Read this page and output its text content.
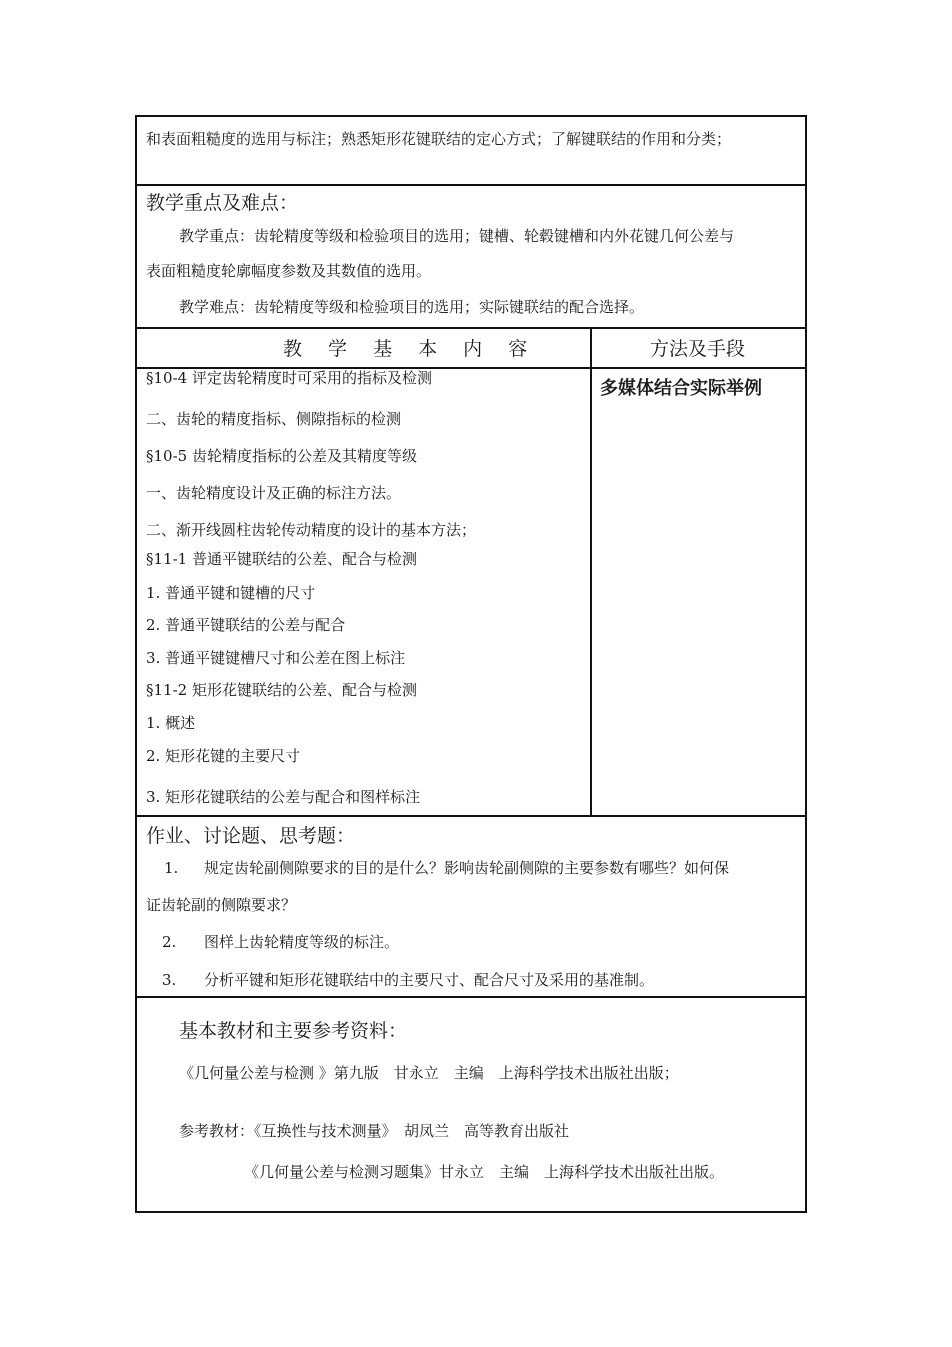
和表面粗糙度的选用与标注；熟悉矩形花键联结的定心方式；了解键联结的作用和分类；
教学重点及难点：
教学重点：齿轮精度等级和检验项目的选用；键槽、轮毂键槽和内外花键几何公差与
表面粗糙度轮廓幅度参数及其数值的选用。
教学难点：齿轮精度等级和检验项目的选用；实际键联结的配合选择。
教 学 基 本 内 容	方法及手段
§10-4 评定齿轮精度时可采用的指标及检测
二、齿轮的精度指标、侧隙指标的检测
§10-5 齿轮精度指标的公差及其精度等级
一、齿轮精度设计及正确的标注方法。
二、渐开线圆柱齿轮传动精度的设计的基本方法；
§11-1 普通平键联结的公差、配合与检测
1. 普通平键和键槽的尺寸
2. 普通平键联结的公差与配合
3. 普通平键键槽尺寸和公差在图上标注
§11-2 矩形花键联结的公差、配合与检测
1. 概述
2. 矩形花键的主要尺寸
3. 矩形花键联结的公差与配合和图样标注
多媒体结合实际举例
作业、讨论题、思考题：
1. 规定齿轮副侧隙要求的目的是什么？影响齿轮副侧隙的主要参数有哪些？如何保
证齿轮副的侧隙要求？
2. 图样上齿轮精度等级的标注。
3. 分析平键和矩形花键联结中的主要尺寸、配合尺寸及采用的基准制。
基本教材和主要参考资料：
《几何量公差与检测 》第九版　甘永立　主编　上海科学技术出版社出版；
参考教材：《互换性与技术测量》　胡凤兰　高等教育出版社
《几何量公差与检测习题集》甘永立　主编　上海科学技术出版社出版。
